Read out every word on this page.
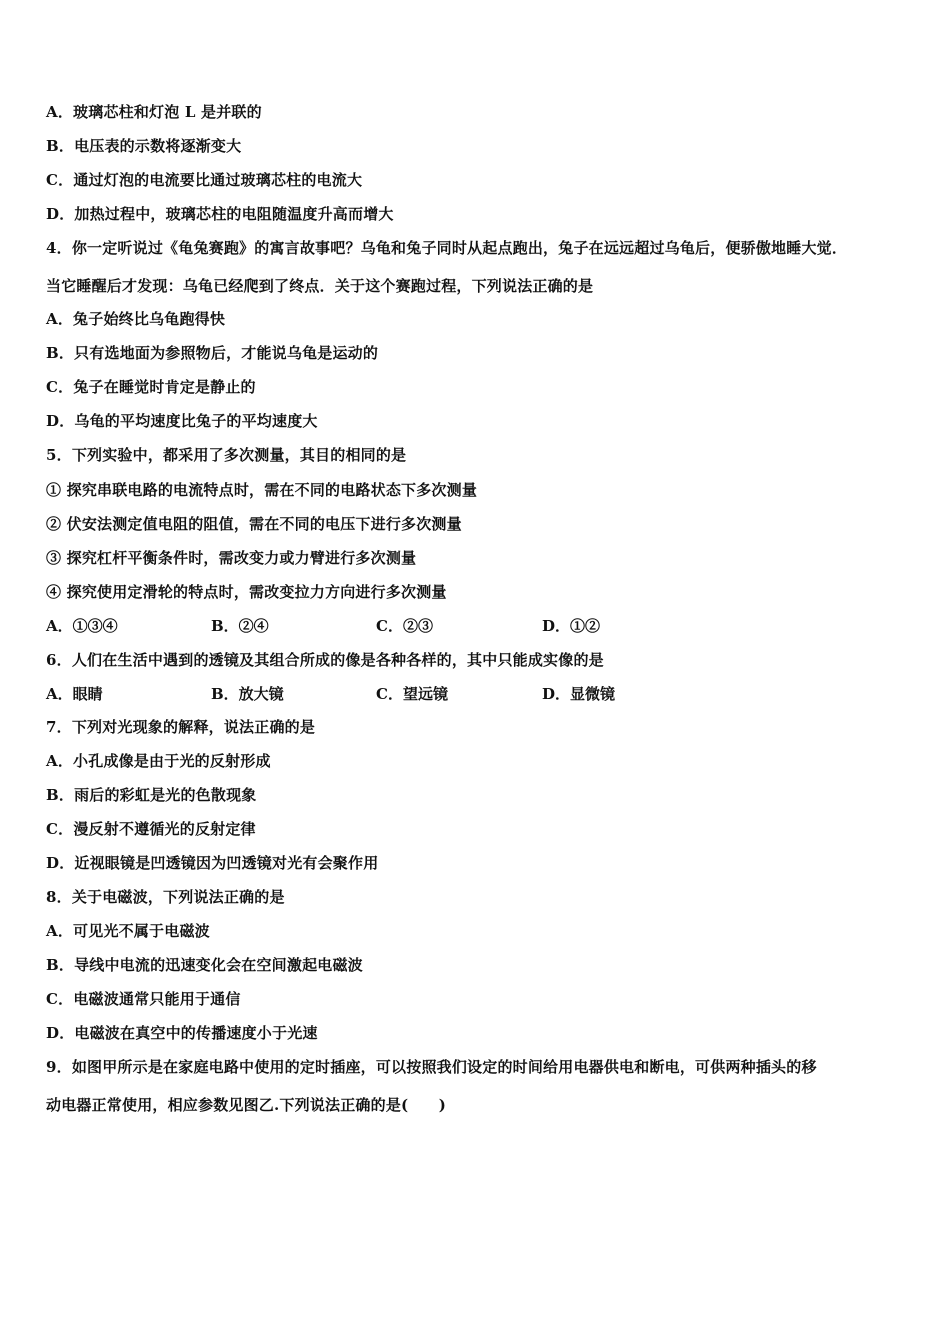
A．玻璃芯柱和灯泡 L 是并联的
B．电压表的示数将逐渐变大
C．通过灯泡的电流要比通过玻璃芯柱的电流大
D．加热过程中，玻璃芯柱的电阻随温度升高而增大
4．你一定听说过《龟兔赛跑》的寓言故事吧？乌龟和兔子同时从起点跑出，兔子在远远超过乌龟后，便骄傲地睡大觉．
当它睡醒后才发现：乌龟已经爬到了终点．关于这个赛跑过程，下列说法正确的是
A．兔子始终比乌龟跑得快
B．只有选地面为参照物后，才能说乌龟是运动的
C．兔子在睡觉时肯定是静止的
D．乌龟的平均速度比兔子的平均速度大
5．下列实验中，都采用了多次测量，其目的相同的是
① 探究串联电路的电流特点时，需在不同的电路状态下多次测量
② 伏安法测定值电阻的阻值，需在不同的电压下进行多次测量
③ 探究杠杆平衡条件时，需改变力或力臂进行多次测量
④ 探究使用定滑轮的特点时，需改变拉力方向进行多次测量
A．①③④	B．②④	C．②③	D．①②
6．人们在生活中遇到的透镜及其组合所成的像是各种各样的，其中只能成实像的是
A．眼睛	B．放大镜	C．望远镜	D．显微镜
7．下列对光现象的解释，说法正确的是
A．小孔成像是由于光的反射形成
B．雨后的彩虹是光的色散现象
C．漫反射不遵循光的反射定律
D．近视眼镜是凹透镜因为凹透镜对光有会聚作用
8．关于电磁波，下列说法正确的是
A．可见光不属于电磁波
B．导线中电流的迅速变化会在空间激起电磁波
C．电磁波通常只能用于通信
D．电磁波在真空中的传播速度小于光速
9．如图甲所示是在家庭电路中使用的定时插座，可以按照我们设定的时间给用电器供电和断电，可供两种插头的移
动电器正常使用，相应参数见图乙.下列说法正确的是(　　)
